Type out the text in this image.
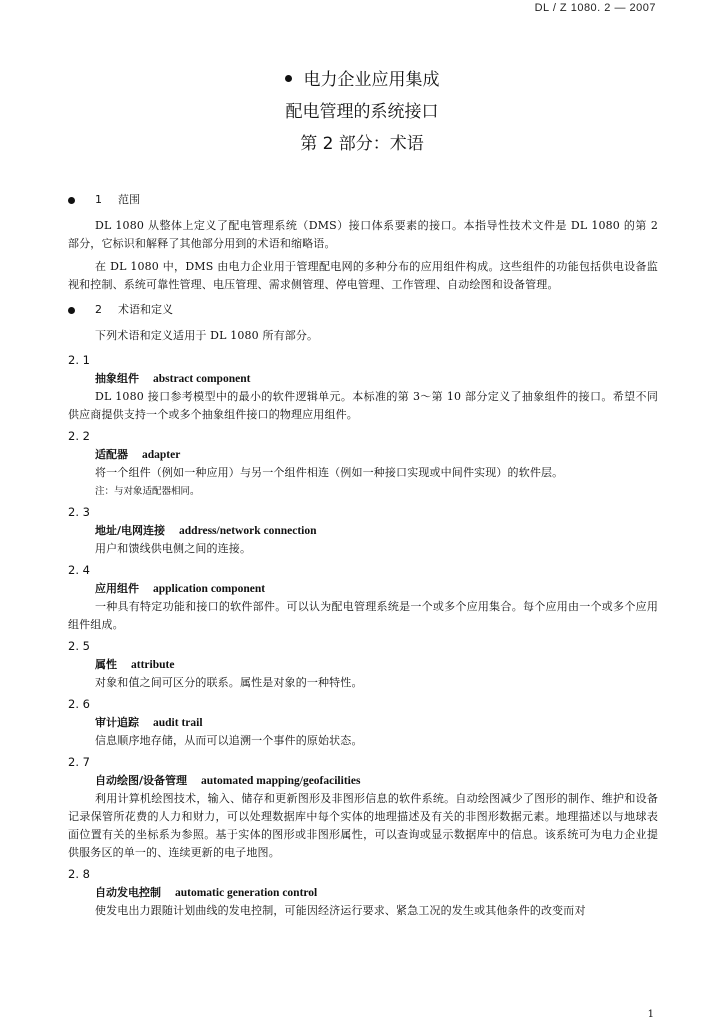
DL / Z 1080. 2 — 2007
电力企业应用集成
配电管理的系统接口
第 2 部分：术语
1 范围

DL 1080 从整体上定义了配电管理系统（DMS）接口体系要素的接口。本指导性技术文件是 DL 1080 的第 2 部分，它标识和解释了其他部分用到的术语和缩略语。

在 DL 1080 中，DMS 由电力企业用于管理配电网的多种分布的应用组件构成。这些组件的功能包括供电设备监视和控制、系统可靠性管理、电压管理、需求侧管理、停电管理、工作管理、自动绘图和设备管理。

2 术语和定义

下列术语和定义适用于 DL 1080 所有部分。

2. 1
抽象组件 abstract component

DL 1080 接口参考模型中的最小的软件逻辑单元。本标准的第 3～第 10 部分定义了抽象组件的接口。希望不同供应商提供支持一个或多个抽象组件接口的物理应用组件。

2. 2
适配器 adapter

将一个组件（例如一种应用）与另一个组件相连（例如一种接口实现或中间件实现）的软件层。

注：与对象适配器相同。
2. 3
地址/电网连接 address/network connection

用户和馈线供电侧之间的连接。

2. 4
应用组件 application component

一种具有特定功能和接口的软件部件。可以认为配电管理系统是一个或多个应用集合。每个应用由一个或多个应用组件组成。

2. 5
属性 attribute

对象和值之间可区分的联系。属性是对象的一种特性。

2. 6
审计追踪 audit trail

信息顺序地存储，从而可以追溯一个事件的原始状态。

2. 7
自动绘图/设备管理 automated mapping/geofacilities

利用计算机绘图技术，输入、储存和更新图形及非图形信息的软件系统。自动绘图减少了图形的制作、维护和设备记录保管所花费的人力和财力，可以处理数据库中每个实体的地理描述及有关的非图形数据元素。地理描述以与地球表面位置有关的坐标系为参照。基于实体的图形或非图形属性，可以查询或显示数据库中的信息。该系统可为电力企业提供服务区的单一的、连续更新的电子地图。

2. 8
自动发电控制 automatic generation control

使发电出力跟随计划曲线的发电控制，可能因经济运行要求、紧急工况的发生或其他条件的改变而对

1
